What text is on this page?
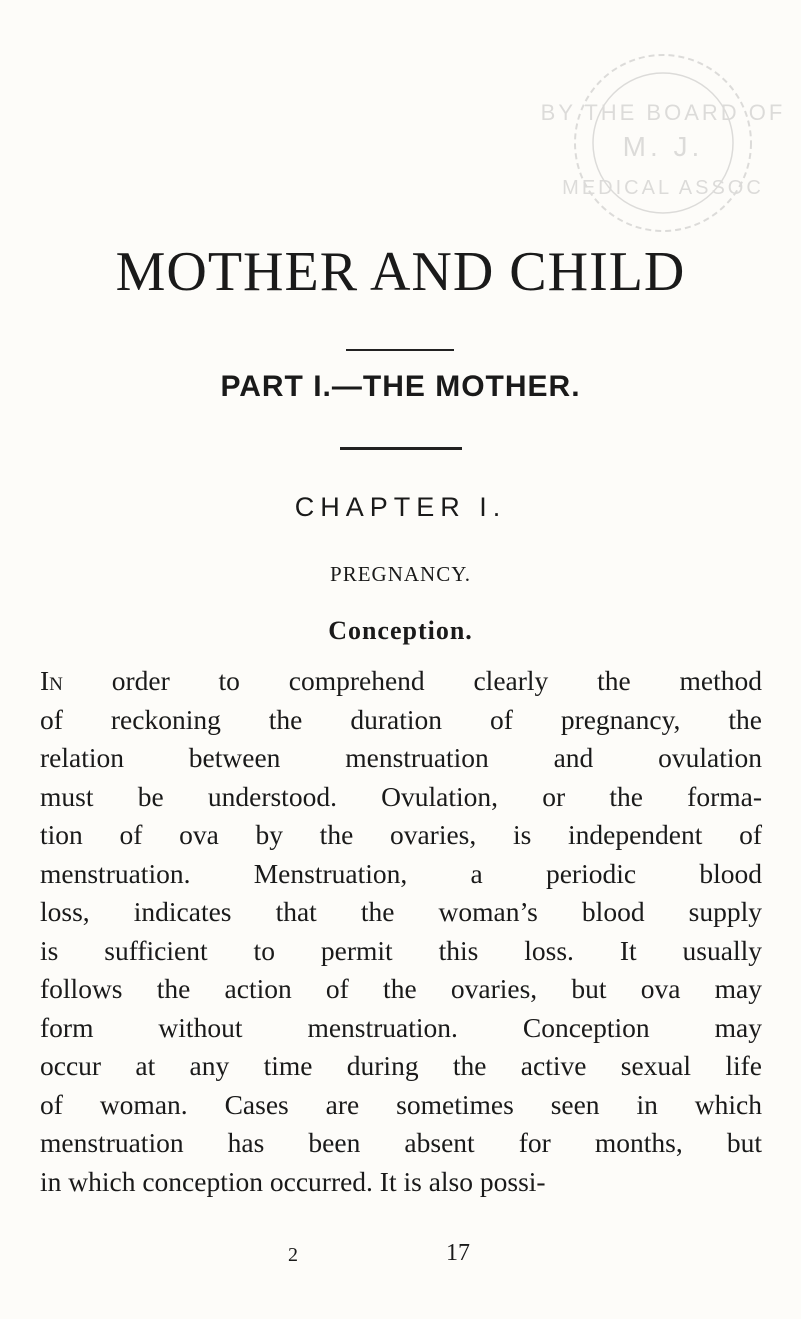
BY THE BOARD OF
M. J.
MEDICAL ASSOC
MOTHER AND CHILD
PART I.—THE MOTHER.
CHAPTER I.
PREGNANCY.
Conception.
In order to comprehend clearly the method
of reckoning the duration of pregnancy, the
relation between menstruation and ovulation
must be understood. Ovulation, or the forma-
tion of ova by the ovaries, is independent of
menstruation. Menstruation, a periodic blood
loss, indicates that the woman’s blood supply
is sufficient to permit this loss. It usually
follows the action of the ovaries, but ova may
form without menstruation. Conception may
occur at any time during the active sexual life
of woman. Cases are sometimes seen in which
menstruation has been absent for months, but
in which conception occurred. It is also possi-
2	17
